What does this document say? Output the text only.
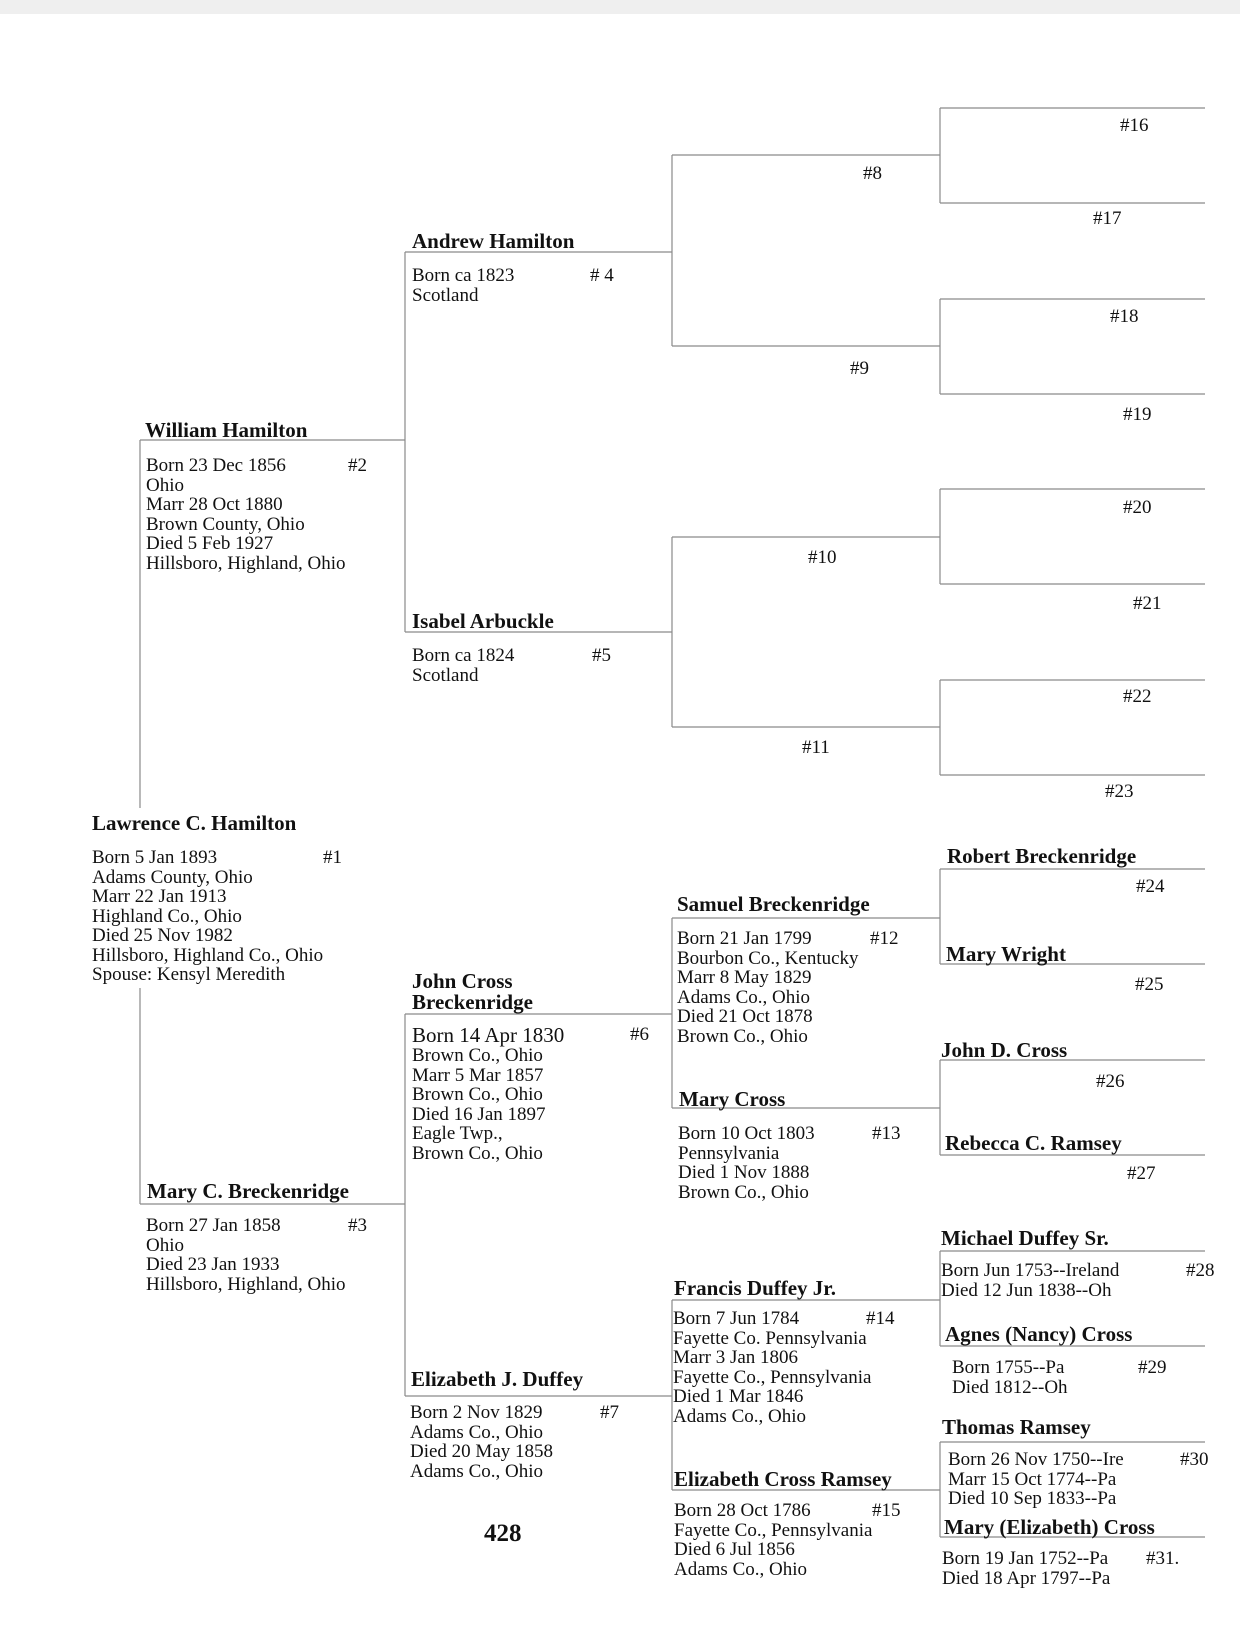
Lawrence C. Hamilton
#1
Born 5 Jan 1893
Adams County, Ohio
Marr 22 Jan 1913
Highland Co., Ohio
Died 25 Nov 1982
Hillsboro, Highland Co., Ohio
Spouse: Kensyl Meredith
William Hamilton
#2
Born 23 Dec 1856
Ohio
Marr 28 Oct 1880
Brown County, Ohio
Died 5 Feb 1927
Hillsboro, Highland, Ohio
Mary C. Breckenridge
#3
Born 27 Jan 1858
Ohio
Died 23 Jan 1933
Hillsboro, Highland, Ohio
Andrew Hamilton
# 4
Born ca 1823
Scotland
Isabel Arbuckle
#5
Born ca 1824
Scotland
John Cross
Breckenridge
#6
Born 14 Apr 1830
Brown Co., Ohio
Marr 5 Mar 1857
Brown Co., Ohio
Died 16 Jan 1897
Eagle Twp.,
Brown Co., Ohio
Elizabeth J. Duffey
#7
Born 2 Nov 1829
Adams Co., Ohio
Died 20 May 1858
Adams Co., Ohio
#8
#9
#10
#11
Samuel Breckenridge
#12
Born 21 Jan 1799
Bourbon Co., Kentucky
Marr 8 May 1829
Adams Co., Ohio
Died 21 Oct 1878
Brown Co., Ohio
Mary Cross
#13
Born 10 Oct 1803
Pennsylvania
Died 1 Nov 1888
Brown Co., Ohio
Francis Duffey Jr.
#14
Born 7 Jun 1784
Fayette Co. Pennsylvania
Marr 3 Jan 1806
Fayette Co., Pennsylvania
Died 1 Mar 1846
Adams Co., Ohio
Elizabeth Cross Ramsey
#15
Born 28 Oct 1786
Fayette Co., Pennsylvania
Died 6 Jul 1856
Adams Co., Ohio
#16
#17
#18
#19
#20
#21
#22
#23
Robert Breckenridge
#24
Mary Wright
#25
John D. Cross
#26
Rebecca C. Ramsey
#27
Michael Duffey Sr.
#28
Born Jun 1753--Ireland
Died 12 Jun 1838--Oh
Agnes (Nancy) Cross
#29
Born 1755--Pa
Died 1812--Oh
Thomas Ramsey
#30
Born 26 Nov 1750--Ire
Marr 15 Oct 1774--Pa
Died 10 Sep 1833--Pa
Mary (Elizabeth) Cross
#31.
Born 19 Jan 1752--Pa
Died 18 Apr 1797--Pa
428
